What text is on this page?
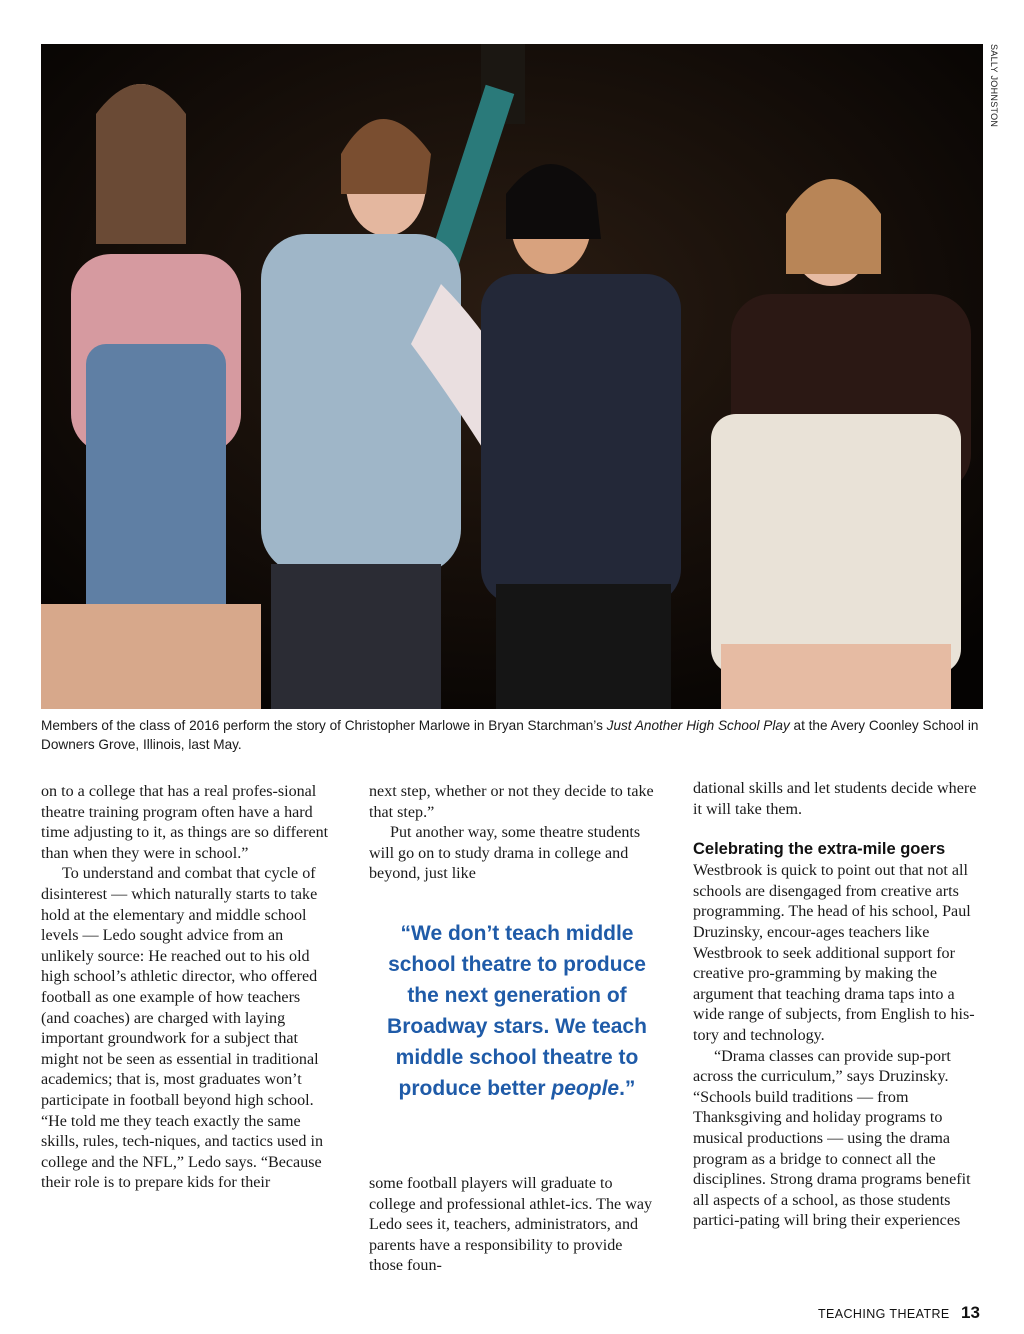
SALLY JOHNSTON
Members of the class of 2016 perform the story of Christopher Marlowe in Bryan Starchman’s Just Another High School Play at the Avery Coonley School in Downers Grove, Illinois, last May.

on to a college that has a real profes-sional theatre training program often have a hard time adjusting to it, as things are so different than when they were in school.”

To understand and combat that cycle of disinterest — which naturally starts to take hold at the elementary and middle school levels — Ledo sought advice from an unlikely source: He reached out to his old high school’s athletic director, who offered football as one example of how teachers (and coaches) are charged with laying important groundwork for a subject that might not be seen as essential in traditional academics; that is, most graduates won’t participate in football beyond high school. “He told me they teach exactly the same skills, rules, tech-niques, and tactics used in college and the NFL,” Ledo says. “Because their role is to prepare kids for their

next step, whether or not they decide to take that step.”

Put another way, some theatre students will go on to study drama in college and beyond, just like

“We don’t teach middle school theatre to produce the next generation of Broadway stars. We teach middle school theatre to produce better people.”

some football players will graduate to college and professional athlet-ics. The way Ledo sees it, teachers, administrators, and parents have a responsibility to provide those foun-

dational skills and let students decide where it will take them.

Celebrating the extra-mile goers

Westbrook is quick to point out that not all schools are disengaged from creative arts programming. The head of his school, Paul Druzinsky, encour-ages teachers like Westbrook to seek additional support for creative pro-gramming by making the argument that teaching drama taps into a wide range of subjects, from English to his-tory and technology.

“Drama classes can provide sup-port across the curriculum,” says Druzinsky. “Schools build traditions — from Thanksgiving and holiday programs to musical productions — using the drama program as a bridge to connect all the disciplines. Strong drama programs benefit all aspects of a school, as those students partici-pating will bring their experiences

TEACHING THEATRE 13
